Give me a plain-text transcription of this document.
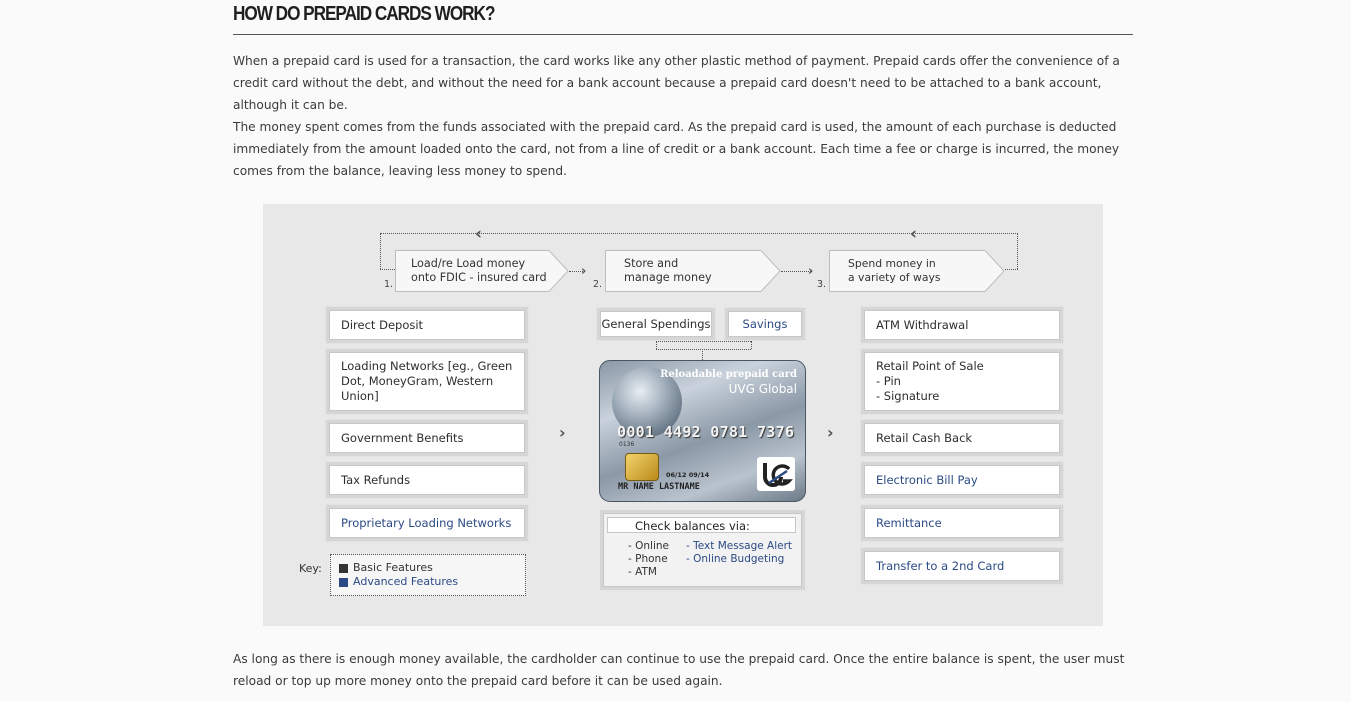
HOW DO PREPAID CARDS WORK?

When a prepaid card is used for a transaction, the card works like any other plastic method of payment. Prepaid cards offer the convenience of a credit card without the debt, and without the need for a bank account because a prepaid card doesn't need to be attached to a bank account, although it can be.

The money spent comes from the funds associated with the prepaid card. As the prepaid card is used, the amount of each purchase is deducted immediately from the amount loaded onto the card, not from a line of credit or a bank account. Each time a fee or charge is incurred, the money comes from the balance, leaving less money to spend.

‹	‹
›	›
Load/re Load money
onto FDIC - insured card
1.
Store and
manage money
2.
Spend money in
a variety of ways
3.
Direct Deposit
Loading Networks [eg., Green Dot, MoneyGram, Western Union]
Government Benefits
Tax Refunds
Proprietary Loading Networks
›	›
General Spendings	Savings
Reloadable prepaid card
UVG Global
0001 4492 0781 7376
0136
06/12 09/14
MR NAME LASTNAME
Check balances via:
- Online
- Phone
- ATM
- Text Message Alert
- Online Budgeting
ATM Withdrawal
Retail Point of Sale
- Pin
- Signature
Retail Cash Back
Electronic Bill Pay
Remittance
Transfer to a 2nd Card
Key:	Basic Features
Advanced Features

As long as there is enough money available, the cardholder can continue to use the prepaid card. Once the entire balance is spent, the user must reload or top up more money onto the prepaid card before it can be used again.
